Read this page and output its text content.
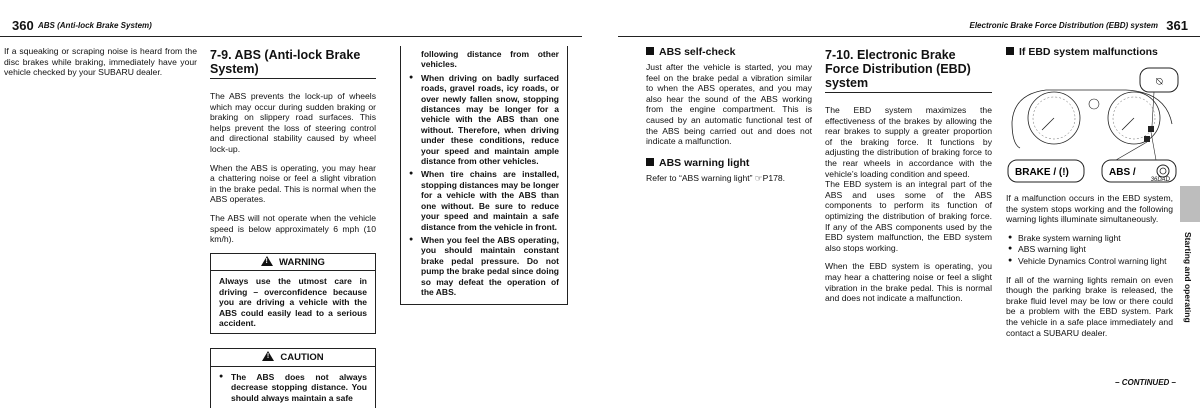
360 ABS (Anti-lock Brake System)

If a squeaking or scraping noise is heard from the disc brakes while braking, immediately have your vehicle checked by your SUBARU dealer.

7-9. ABS (Anti-lock Brake System)

The ABS prevents the lock-up of wheels which may occur during sudden braking or braking on slippery road surfaces. This helps prevent the loss of steering control and directional stability caused by wheel lock-up.

When the ABS is operating, you may hear a chattering noise or feel a slight vibration in the brake pedal. This is normal when the ABS operates.

The ABS will not operate when the vehicle speed is below approximately 6 mph (10 km/h).

! WARNING
Always use the utmost care in driving – overconfidence because you are driving a vehicle with the ABS could easily lead to a serious accident.
! CAUTION
● The ABS does not always decrease stopping distance. You should always maintain a safe
following distance from other vehicles.
● When driving on badly surfaced roads, gravel roads, icy roads, or over newly fallen snow, stopping distances may be longer for a vehicle with the ABS than one without. Therefore, when driving under these conditions, reduce your speed and maintain ample distance from other vehicles.
● When tire chains are installed, stopping distances may be longer for a vehicle with the ABS than one without. Be sure to reduce your speed and maintain a safe distance from the vehicle in front.
● When you feel the ABS operating, you should maintain constant brake pedal pressure. Do not pump the brake pedal since doing so may defeat the operation of the ABS.
Electronic Brake Force Distribution (EBD) system 361
ABS self-check

Just after the vehicle is started, you may feel on the brake pedal a vibration similar to when the ABS operates, and you may also hear the sound of the ABS working from the engine compartment. This is caused by an automatic functional test of the ABS being carried out and does not indicate a malfunction.

ABS warning light

Refer to “ABS warning light” ☞P178.

7-10. Electronic Brake Force Distribution (EBD) system

The EBD system maximizes the effectiveness of the brakes by allowing the rear brakes to supply a greater proportion of the braking force. It functions by adjusting the distribution of braking force to the rear wheels in accordance with the vehicle’s loading condition and speed.

The EBD system is an integral part of the ABS and uses some of the ABS components to perform its function of optimizing the distribution of braking force. If any of the ABS components used by the EBD system malfunction, the EBD system also stops working.

When the EBD system is operating, you may hear a chattering noise or feel a slight vibration in the brake pedal. This is normal and does not indicate a malfunction.

If EBD system malfunctions
⍉
BRAKE / (!)	ABS /
36DAD

If a malfunction occurs in the EBD system, the system stops working and the following warning lights illuminate simultaneously.

● Brake system warning light
● ABS warning light
● Vehicle Dynamics Control warning light

If all of the warning lights remain on even though the parking brake is released, the brake fluid level may be low or there could be a problem with the EBD system. Park the vehicle in a safe place immediately and contact a SUBARU dealer.

Starting and operating
– CONTINUED –
